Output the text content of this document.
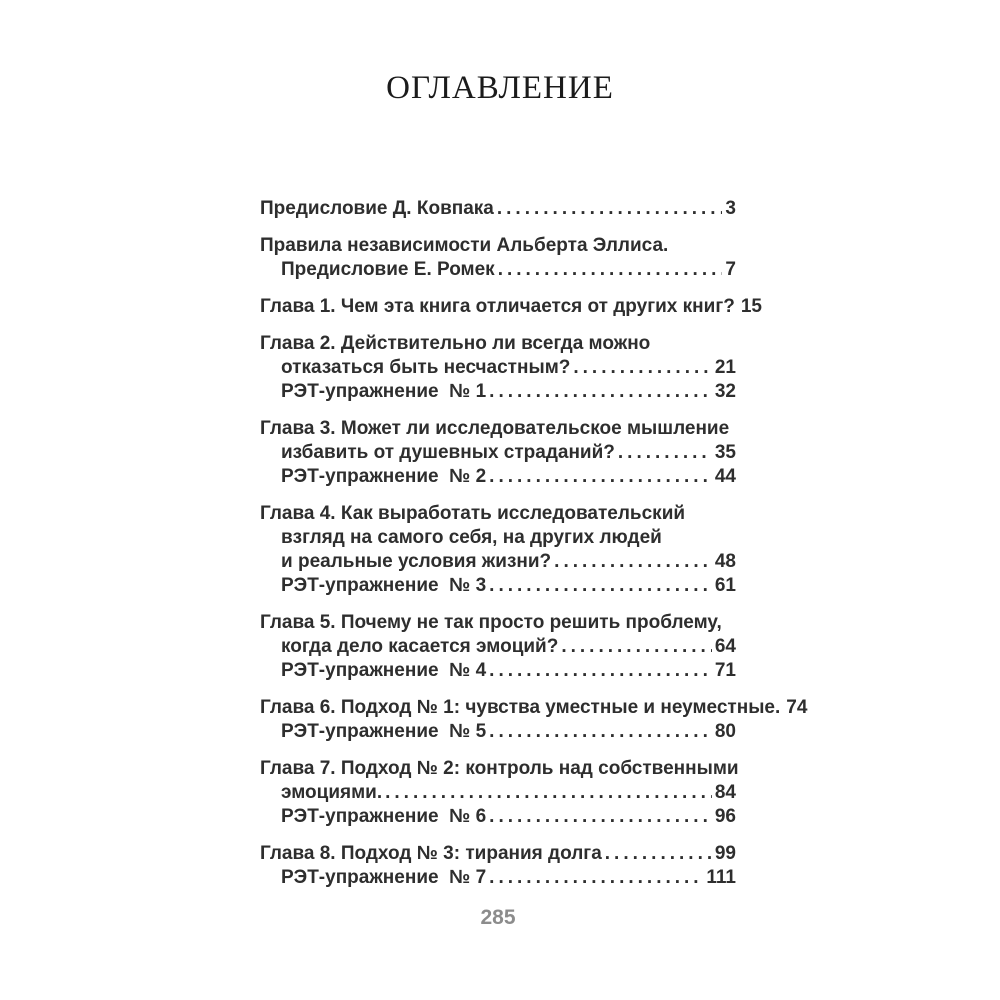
ОГЛАВЛЕНИЕ
Предисловие Д. Ковпака .....	3
Правила независимости Альберта Эллиса.
Предисловие Е. Ромек .....	7
Глава 1. Чем эта книга отличается от других книг? 15
Глава 2. Действительно ли всегда можно
отказаться быть несчастным? .....	21
РЭТ-упражнение  № 1 .....	32
Глава 3. Может ли исследовательское мышление
избавить от душевных страданий? .....	35
РЭТ-упражнение  № 2 .....	44
Глава 4. Как выработать исследовательский
взгляд на самого себя, на других людей
и реальные условия жизни? .....	48
РЭТ-упражнение  № 3 .....	61
Глава 5. Почему не так просто решить проблему,
когда дело касается эмоций? .....	64
РЭТ-упражнение  № 4 .....	71
Глава 6. Подход № 1: чувства уместные и неуместные. 74
РЭТ-упражнение  № 5 .....	80
Глава 7. Подход № 2: контроль над собственными
эмоциями. .....	84
РЭТ-упражнение  № 6 .....	96
Глава 8. Подход № 3: тирания долга .....	99
РЭТ-упражнение  № 7 .....	111
285
